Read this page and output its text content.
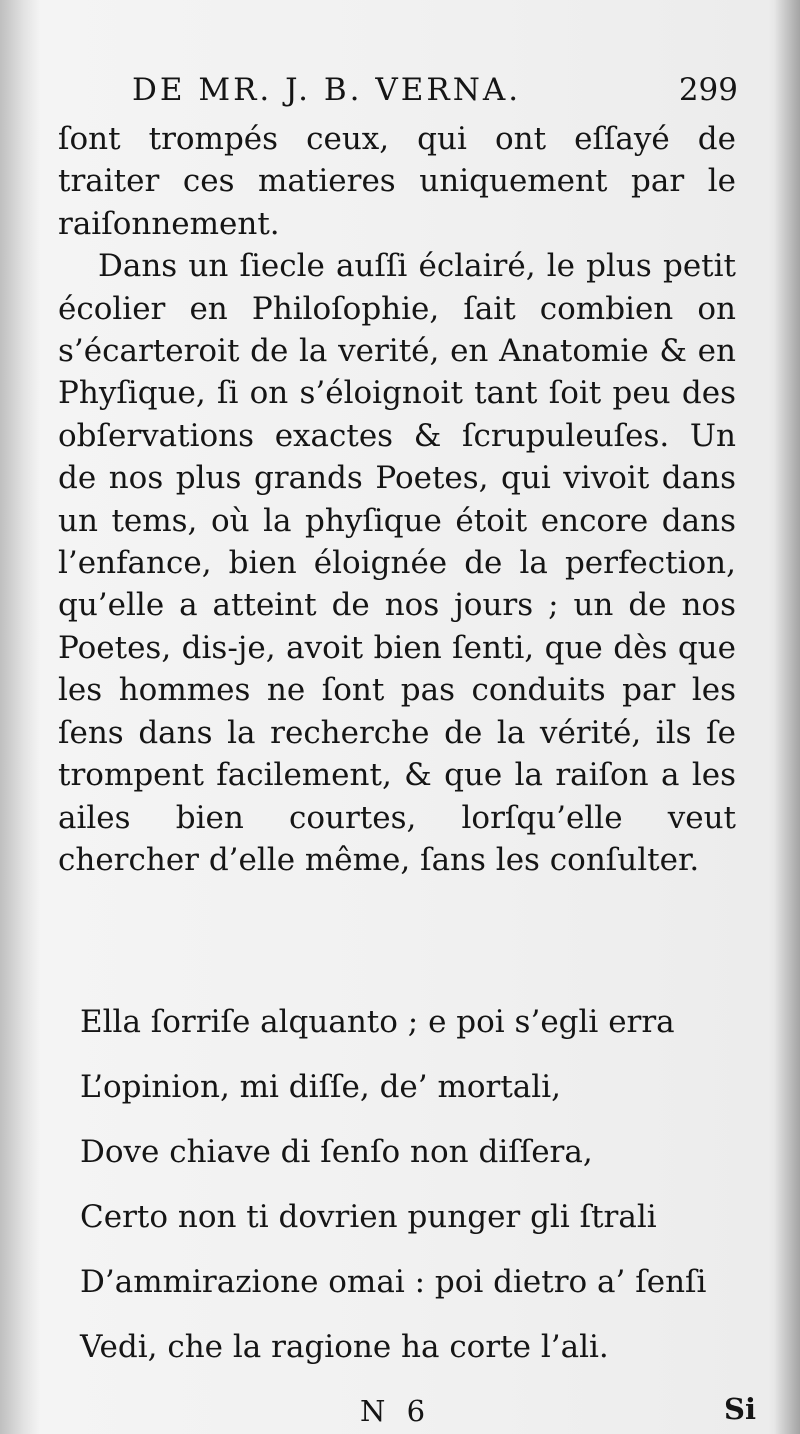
DE MR. J. B. VERNA.	299

ſont trompés ceux, qui ont eſſayé de traiter ces matieres uniquement par le raiſonnement.

Dans un ſiecle auſſi éclairé, le plus petit écolier en Philoſophie, ſait combien on s’écarteroit de la verité, en Anatomie & en Phyſique, ſi on s’éloignoit tant ſoit peu des obſervations exactes & ſcrupuleuſes. Un de nos plus grands Poetes, qui vivoit dans un tems, où la phyſique étoit encore dans l’enfance, bien éloignée de la perfection, qu’elle a atteint de nos jours ; un de nos Poetes, dis-je, avoit bien ſenti, que dès que les hommes ne ſont pas conduits par les ſens dans la recherche de la vérité, ils ſe trompent facilement, & que la raiſon a les ailes bien courtes, lorſqu’elle veut chercher d’elle même, ſans les conſulter.

Ella ſorriſe alquanto ; e poi s’egli erra
L’opinion, mi diſſe, de’ mortali,
Dove chiave di ſenſo non diſſera,
Certo non ti dovrien punger gli ſtrali
D’ammirazione omai : poi dietro a’ ſenſi
Vedi, che la ragione ha corte l’ali.
N 6	Si
